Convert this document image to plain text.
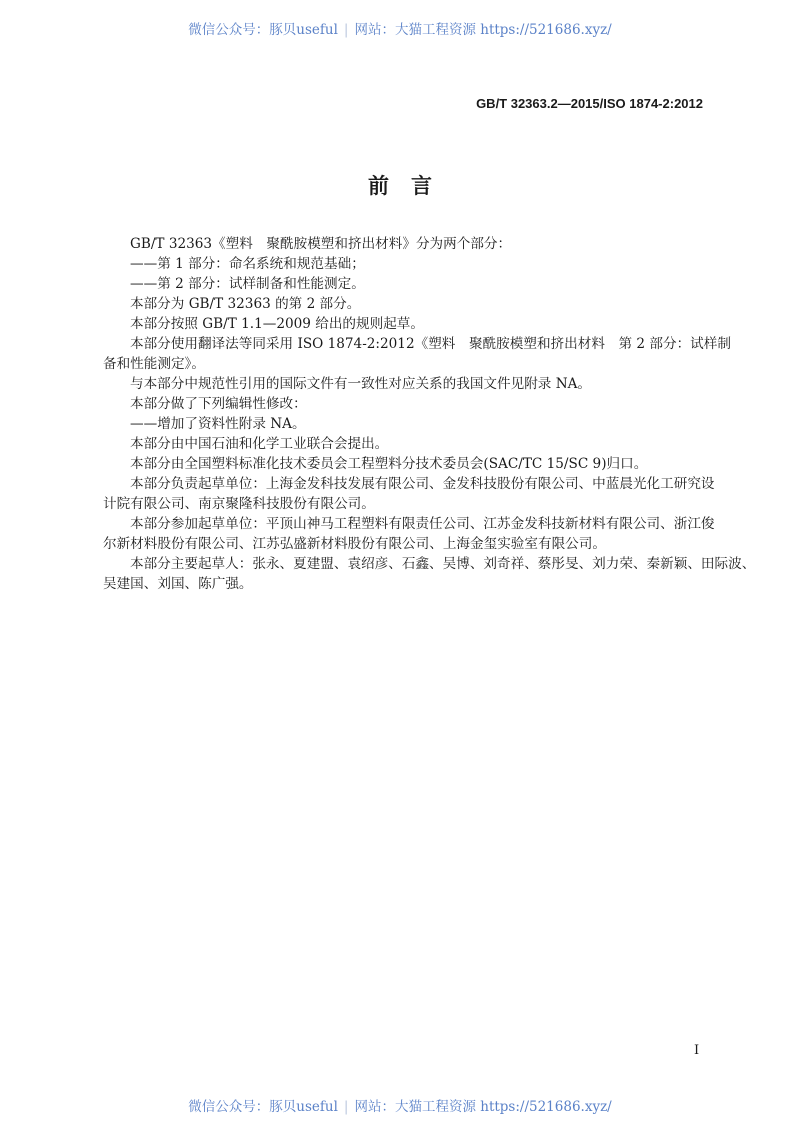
微信公众号：豚贝useful | 网站：大猫工程资源 https://521686.xyz/
GB/T 32363.2—2015/ISO 1874-2:2012
前言
GB/T 32363《塑料　聚酰胺模塑和挤出材料》分为两个部分：
——第 1 部分：命名系统和规范基础；
——第 2 部分：试样制备和性能测定。
本部分为 GB/T 32363 的第 2 部分。
本部分按照 GB/T 1.1—2009 给出的规则起草。
本部分使用翻译法等同采用 ISO 1874-2:2012《塑料　聚酰胺模塑和挤出材料　第 2 部分：试样制
备和性能测定》。
与本部分中规范性引用的国际文件有一致性对应关系的我国文件见附录 NA。
本部分做了下列编辑性修改：
——增加了资料性附录 NA。
本部分由中国石油和化学工业联合会提出。
本部分由全国塑料标准化技术委员会工程塑料分技术委员会(SAC/TC 15/SC 9)归口。
本部分负责起草单位：上海金发科技发展有限公司、金发科技股份有限公司、中蓝晨光化工研究设
计院有限公司、南京聚隆科技股份有限公司。
本部分参加起草单位：平顶山神马工程塑料有限责任公司、江苏金发科技新材料有限公司、浙江俊
尔新材料股份有限公司、江苏弘盛新材料股份有限公司、上海金玺实验室有限公司。
本部分主要起草人：张永、夏建盟、袁绍彦、石鑫、吴博、刘奇祥、蔡彤旻、刘力荣、秦新颖、田际波、
吴建国、刘国、陈广强。
I
微信公众号：豚贝useful | 网站：大猫工程资源 https://521686.xyz/
